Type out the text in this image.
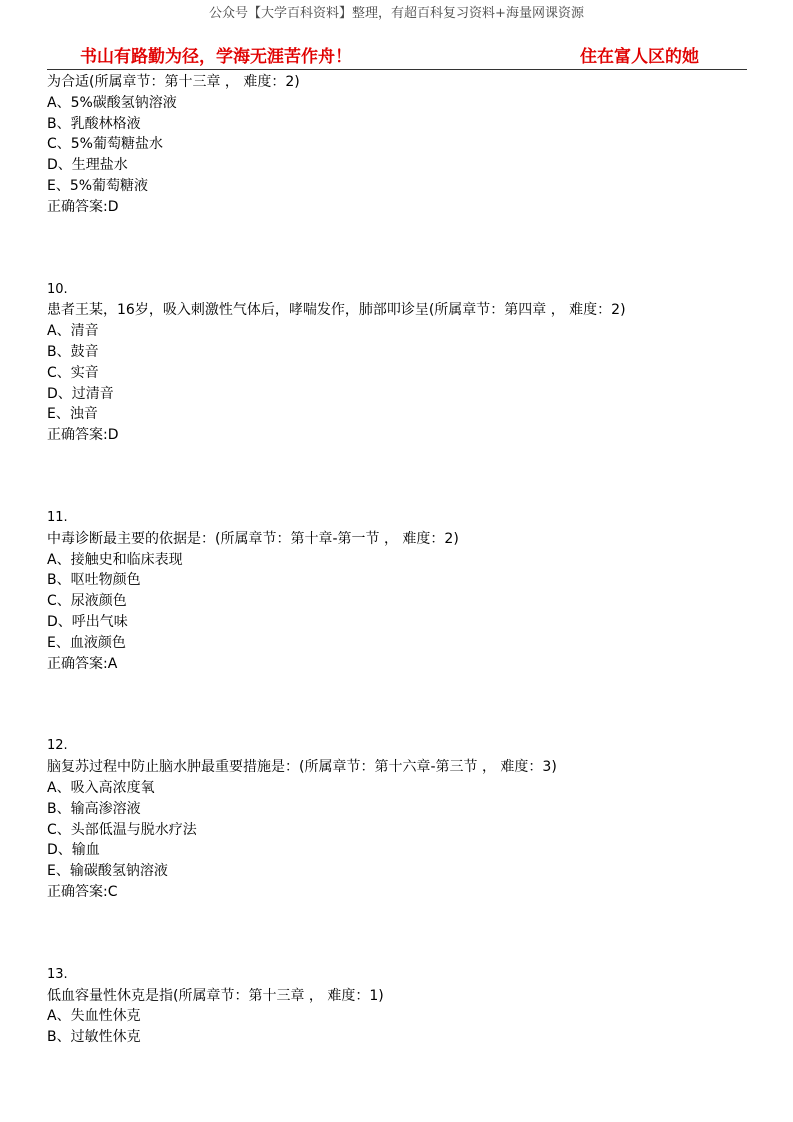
公众号【大学百科资料】整理，有超百科复习资料+海量网课资源
书山有路勤为径，学海无涯苦作舟！	住在富人区的她
为合适(所属章节：第十三章 ， 难度：2)
A、5%碳酸氢钠溶液
B、乳酸林格液
C、5%葡萄糖盐水
D、生理盐水
E、5%葡萄糖液
正确答案:D
10.
患者王某，16岁，吸入刺激性气体后，哮喘发作，肺部叩诊呈(所属章节：第四章 ， 难度：2)
A、清音
B、鼓音
C、实音
D、过清音
E、浊音
正确答案:D
11.
中毒诊断最主要的依据是：(所属章节：第十章-第一节 ， 难度：2)
A、接触史和临床表现
B、呕吐物颜色
C、尿液颜色
D、呼出气味
E、血液颜色
正确答案:A
12.
脑复苏过程中防止脑水肿最重要措施是：(所属章节：第十六章-第三节 ， 难度：3)
A、吸入高浓度氧
B、输高渗溶液
C、头部低温与脱水疗法
D、输血
E、输碳酸氢钠溶液
正确答案:C
13.
低血容量性休克是指(所属章节：第十三章 ， 难度：1)
A、失血性休克
B、过敏性休克
